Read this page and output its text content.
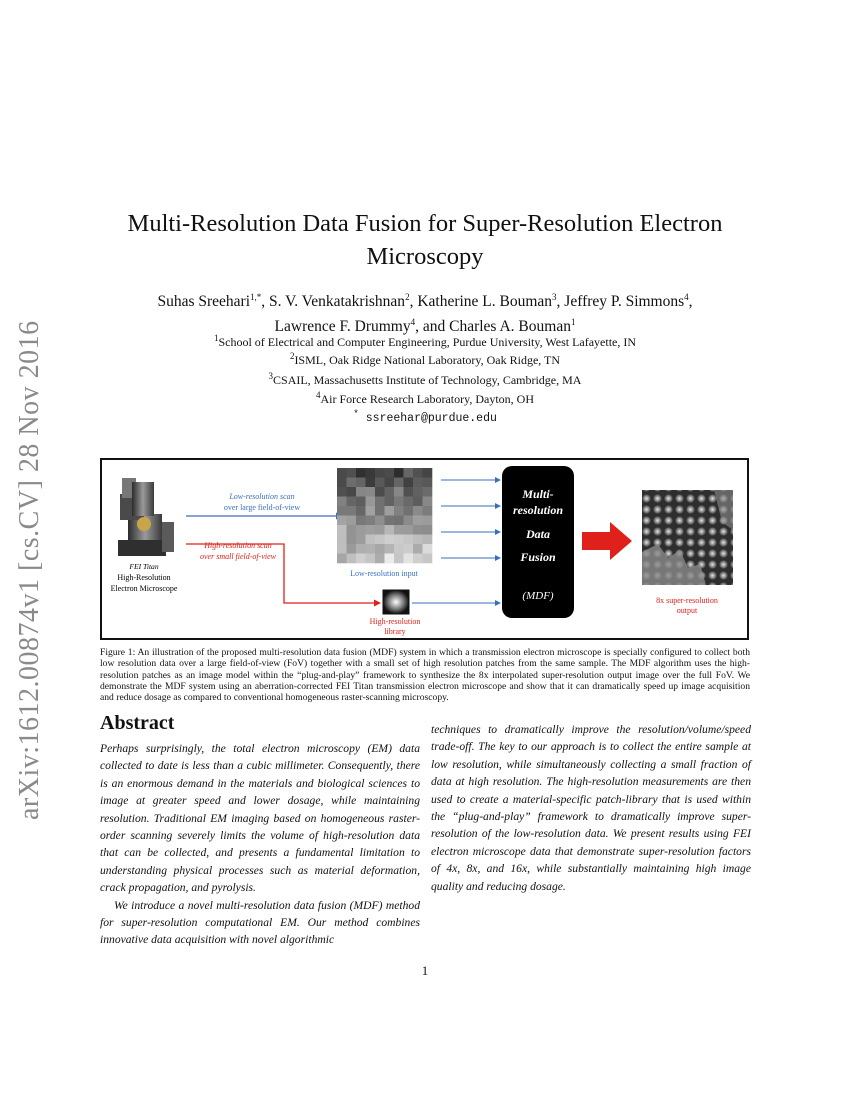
arXiv:1612.00874v1 [cs.CV] 28 Nov 2016
Multi-Resolution Data Fusion for Super-Resolution Electron Microscopy
Suhas Sreehari$^{1,*}$, S. V. Venkatakrishnan$^2$, Katherine L. Bouman$^3$, Jeffrey P. Simmons$^4$,
Lawrence F. Drummy$^4$, and Charles A. Bouman$^1$
$^1$School of Electrical and Computer Engineering, Purdue University, West Lafayette, IN
$^2$ISML, Oak Ridge National Laboratory, Oak Ridge, TN
$^3$CSAIL, Massachusetts Institute of Technology, Cambridge, MA
$^4$Air Force Research Laboratory, Dayton, OH
* ssreehar@purdue.edu
FEI Titan
High-Resolution
Electron Microscope
Low-resolution scan
over large field-of-view
High-resolution scan
over small field-of-view
Low-resolution input
High-resolution
library
Multi-
resolution
Data
Fusion
(MDF)	8x super-resolution
output
Figure 1: An illustration of the proposed multi-resolution data fusion (MDF) system in which a transmission electron microscope is specially configured to collect both low resolution data over a large field-of-view (FoV) together with a small set of high resolution patches from the same sample. The MDF algorithm uses the high-resolution patches as an image model within the “plug-and-play” framework to synthesize the 8x interpolated super-resolution output image over the full FoV. We demonstrate the MDF system using an aberration-corrected FEI Titan transmission electron microscope and show that it can dramatically speed up image acquisition and reduce dosage as compared to conventional homogeneous raster-scanning microscopy.
Abstract

Perhaps surprisingly, the total electron microscopy (EM) data collected to date is less than a cubic millimeter. Consequently, there is an enormous demand in the materials and biological sciences to image at greater speed and lower dosage, while maintaining resolution. Traditional EM imaging based on homogeneous raster-order scanning severely limits the volume of high-resolution data that can be collected, and presents a fundamental limitation to understanding physical processes such as material deformation, crack propagation, and pyrolysis.

We introduce a novel multi-resolution data fusion (MDF) method for super-resolution computational EM. Our method combines innovative data acquisition with novel algorithmic

techniques to dramatically improve the resolution/volume/speed trade-off. The key to our approach is to collect the entire sample at low resolution, while simultaneously collecting a small fraction of data at high resolution. The high-resolution measurements are then used to create a material-specific patch-library that is used within the “plug-and-play” framework to dramatically improve super-resolution of the low-resolution data. We present results using FEI electron microscope data that demonstrate super-resolution factors of 4x, 8x, and 16x, while substantially maintaining high image quality and reducing dosage.

1
